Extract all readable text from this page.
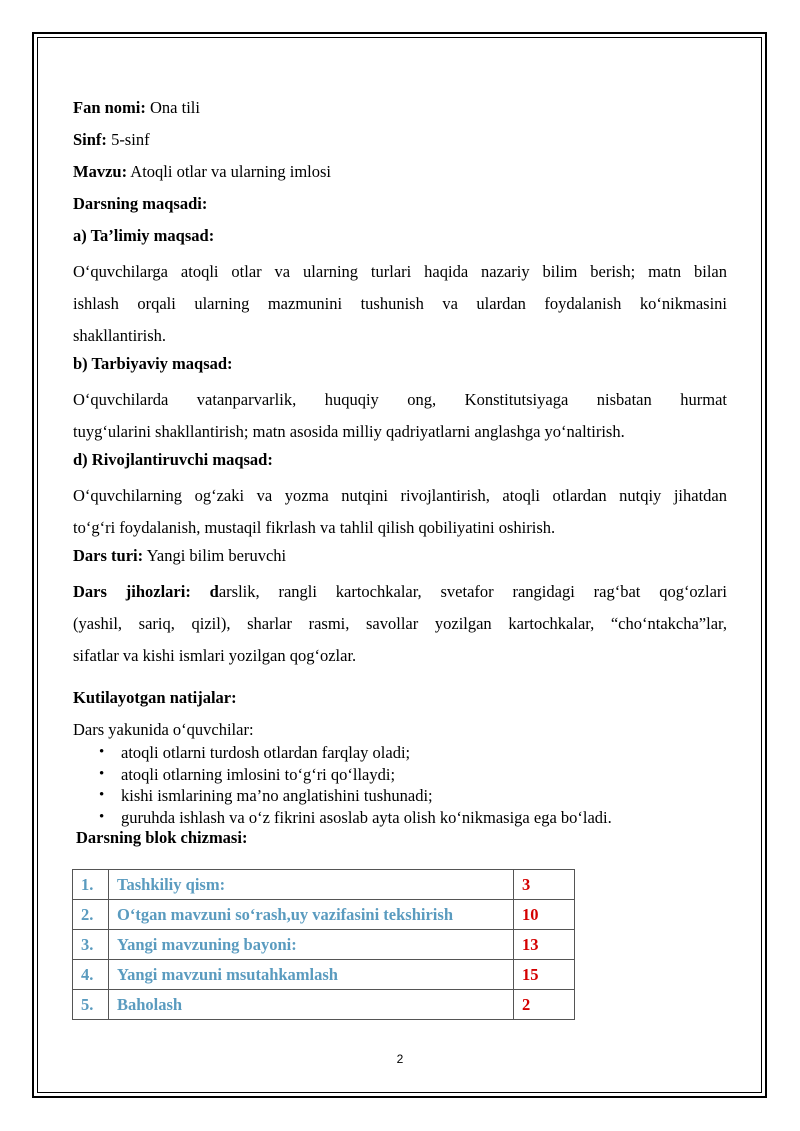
Fan nomi: Ona tili
Sinf: 5-sinf
Mavzu: Atoqli otlar va ularning imlosi
Darsning maqsadi:
a) Ta’limiy maqsad:
O‘quvchilarga atoqli otlar va ularning turlari haqida nazariy bilim berish; matn bilan
ishlash orqali ularning mazmunini tushunish va ulardan foydalanish ko‘nikmasini
shakllantirish.
b) Tarbiyaviy maqsad:
O‘quvchilarda vatanparvarlik, huquqiy ong, Konstitutsiyaga nisbatan hurmat
tuyg‘ularini shakllantirish; matn asosida milliy qadriyatlarni anglashga yo‘naltirish.
d) Rivojlantiruvchi maqsad:
O‘quvchilarning og‘zaki va yozma nutqini rivojlantirish, atoqli otlardan nutqiy jihatdan
to‘g‘ri foydalanish, mustaqil fikrlash va tahlil qilish qobiliyatini oshirish.
Dars turi: Yangi bilim beruvchi
Dars jihozlari: darslik, rangli kartochkalar, svetafor rangidagi rag‘bat qog‘ozlari
(yashil, sariq, qizil), sharlar rasmi, savollar yozilgan kartochkalar, “cho‘ntakcha”lar,
sifatlar va kishi ismlari yozilgan qog‘ozlar.
Kutilayotgan natijalar:
Dars yakunida o‘quvchilar:
• atoqli otlarni turdosh otlardan farqlay oladi;
• atoqli otlarning imlosini to‘g‘ri qo‘llaydi;
• kishi ismlarining ma’no anglatishini tushunadi;
• guruhda ishlash va o‘z fikrini asoslab ayta olish ko‘nikmasiga ega bo‘ladi.
Darsning blok chizmasi:
1.	Tashkiliy qism:	3
2.	O‘tgan mavzuni so‘rash,uy vazifasini tekshirish	10
3.	Yangi mavzuning bayoni:	13
4.	Yangi mavzuni msutahkamlash	15
5.	Baholash	2
2
